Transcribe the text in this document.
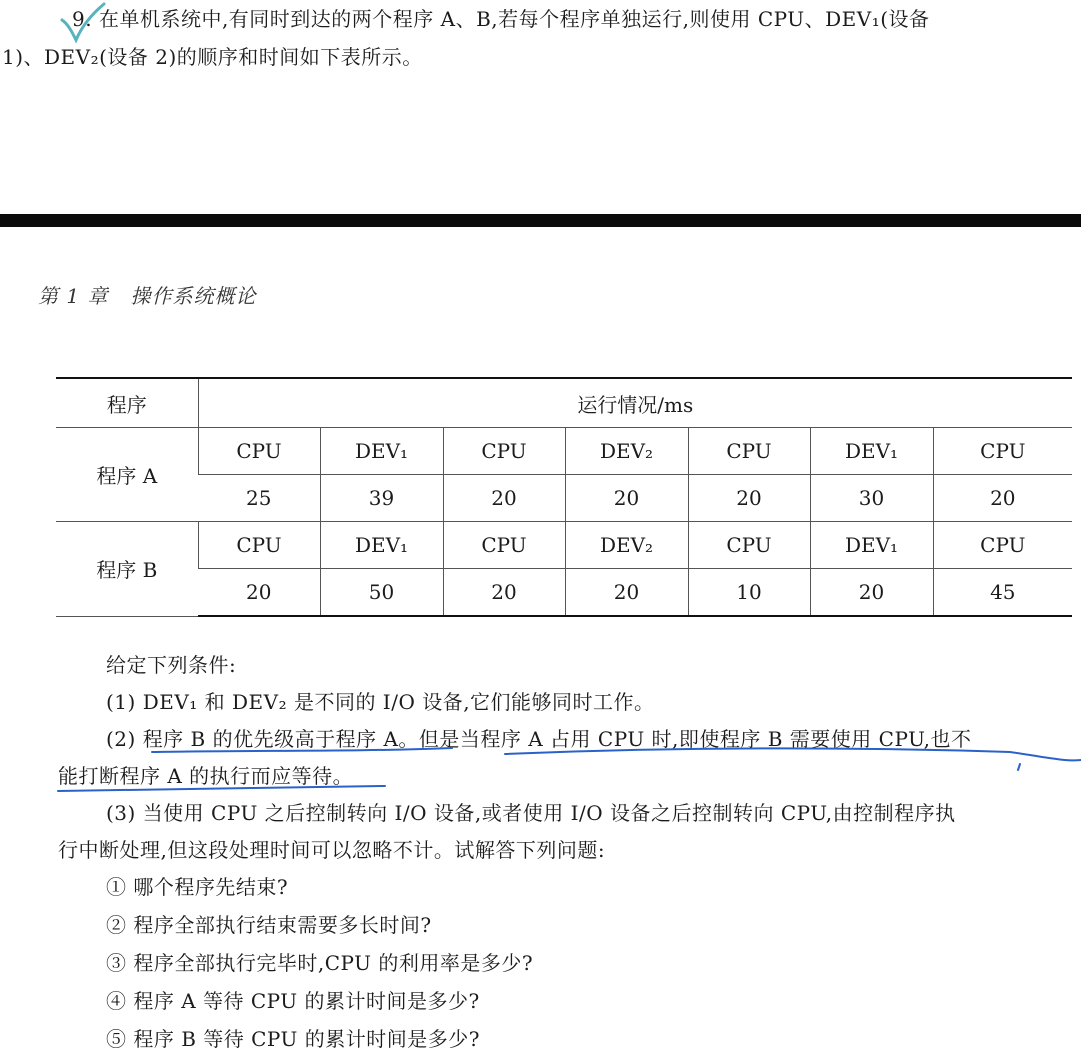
9. 在单机系统中,有同时到达的两个程序 A、B,若每个程序单独运行,则使用 CPU、DEV₁(设备
1)、DEV₂(设备 2)的顺序和时间如下表所示。
第 1 章 操作系统概论
程序	运行情况/ms						
程序 A	CPU	DEV₁	CPU	DEV₂	CPU	DEV₁	CPU
	25	39	20	20	20	30	20
程序 B	CPU	DEV₁	CPU	DEV₂	CPU	DEV₁	CPU
	20	50	20	20	10	20	45
给定下列条件:
(1) DEV₁ 和 DEV₂ 是不同的 I/O 设备,它们能够同时工作。
(2) 程序 B 的优先级高于程序 A。但是当程序 A 占用 CPU 时,即使程序 B 需要使用 CPU,也不
能打断程序 A 的执行而应等待。
(3) 当使用 CPU 之后控制转向 I/O 设备,或者使用 I/O 设备之后控制转向 CPU,由控制程序执
行中断处理,但这段处理时间可以忽略不计。试解答下列问题:
① 哪个程序先结束?
② 程序全部执行结束需要多长时间?
③ 程序全部执行完毕时,CPU 的利用率是多少?
④ 程序 A 等待 CPU 的累计时间是多少?
⑤ 程序 B 等待 CPU 的累计时间是多少?
